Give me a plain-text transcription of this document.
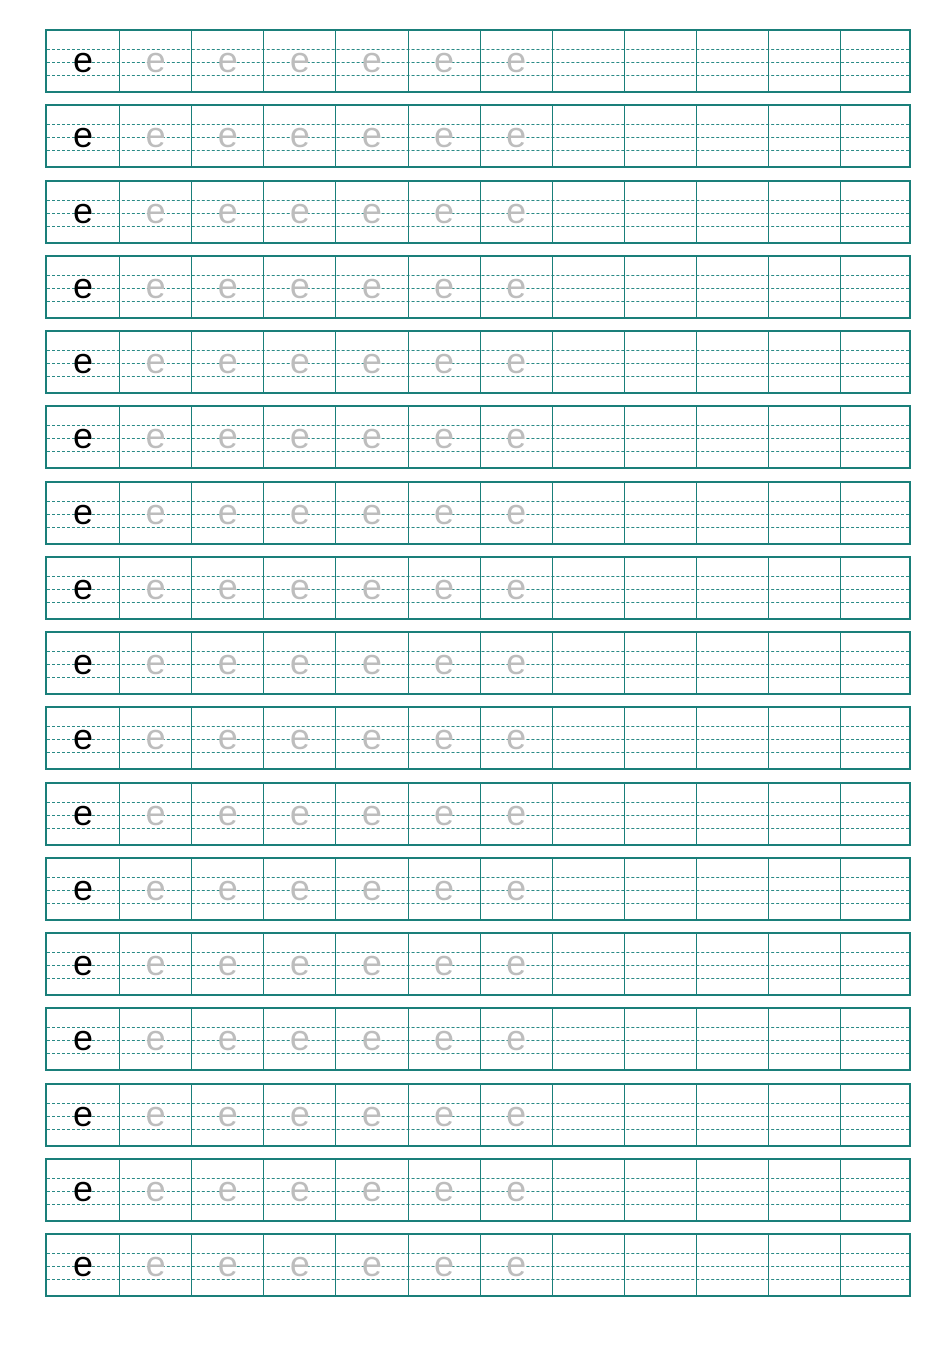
e e e e e e e
e e e e e e e
e e e e e e e
e e e e e e e
e e e e e e e
e e e e e e e
e e e e e e e
e e e e e e e
e e e e e e e
e e e e e e e
e e e e e e e
e e e e e e e
e e e e e e e
e e e e e e e
e e e e e e e
e e e e e e e
e e e e e e e
